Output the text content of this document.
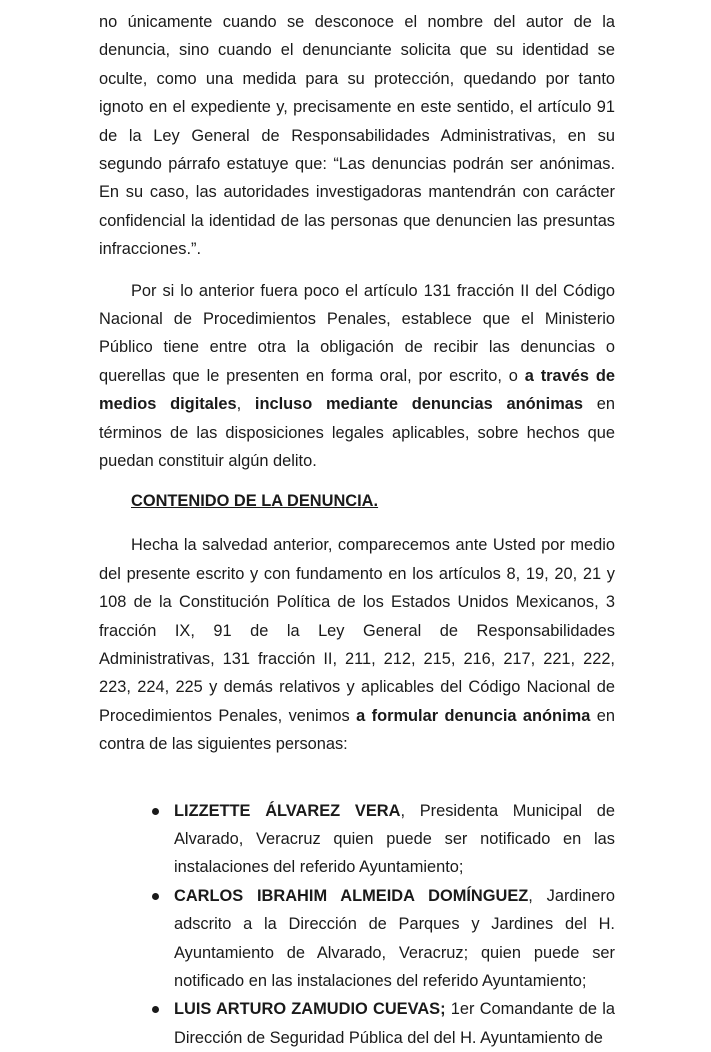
no únicamente cuando se desconoce el nombre del autor de la denuncia, sino cuando el denunciante solicita que su identidad se oculte, como una medida para su protección, quedando por tanto ignoto en el expediente y, precisamente en este sentido, el artículo 91 de la Ley General de Responsabilidades Administrativas, en su segundo párrafo estatuye que: “Las denuncias podrán ser anónimas. En su caso, las autoridades investigadoras mantendrán con carácter confidencial la identidad de las personas que denuncien las presuntas infracciones.”.

Por si lo anterior fuera poco el artículo 131 fracción II del Código Nacional de Procedimientos Penales, establece que el Ministerio Público tiene entre otra la obligación de recibir las denuncias o querellas que le presenten en forma oral, por escrito, o a través de medios digitales, incluso mediante denuncias anónimas en términos de las disposiciones legales aplicables, sobre hechos que puedan constituir algún delito.

CONTENIDO DE LA DENUNCIA.

Hecha la salvedad anterior, comparecemos ante Usted por medio del presente escrito y con fundamento en los artículos 8, 19, 20, 21 y 108 de la Constitución Política de los Estados Unidos Mexicanos, 3 fracción IX, 91 de la Ley General de Responsabilidades Administrativas, 131 fracción II, 211, 212, 215, 216, 217, 221, 222, 223, 224, 225 y demás relativos y aplicables del Código Nacional de Procedimientos Penales, venimos a formular denuncia anónima en contra de las siguientes personas:

LIZZETTE ÁLVAREZ VERA, Presidenta Municipal de Alvarado, Veracruz quien puede ser notificado en las instalaciones del referido Ayuntamiento;
CARLOS IBRAHIM ALMEIDA DOMÍNGUEZ, Jardinero adscrito a la Dirección de Parques y Jardines del H. Ayuntamiento de Alvarado, Veracruz; quien puede ser notificado en las instalaciones del referido Ayuntamiento;
LUIS ARTURO ZAMUDIO CUEVAS; 1er Comandante de la Dirección de Seguridad Pública del del H. Ayuntamiento de
